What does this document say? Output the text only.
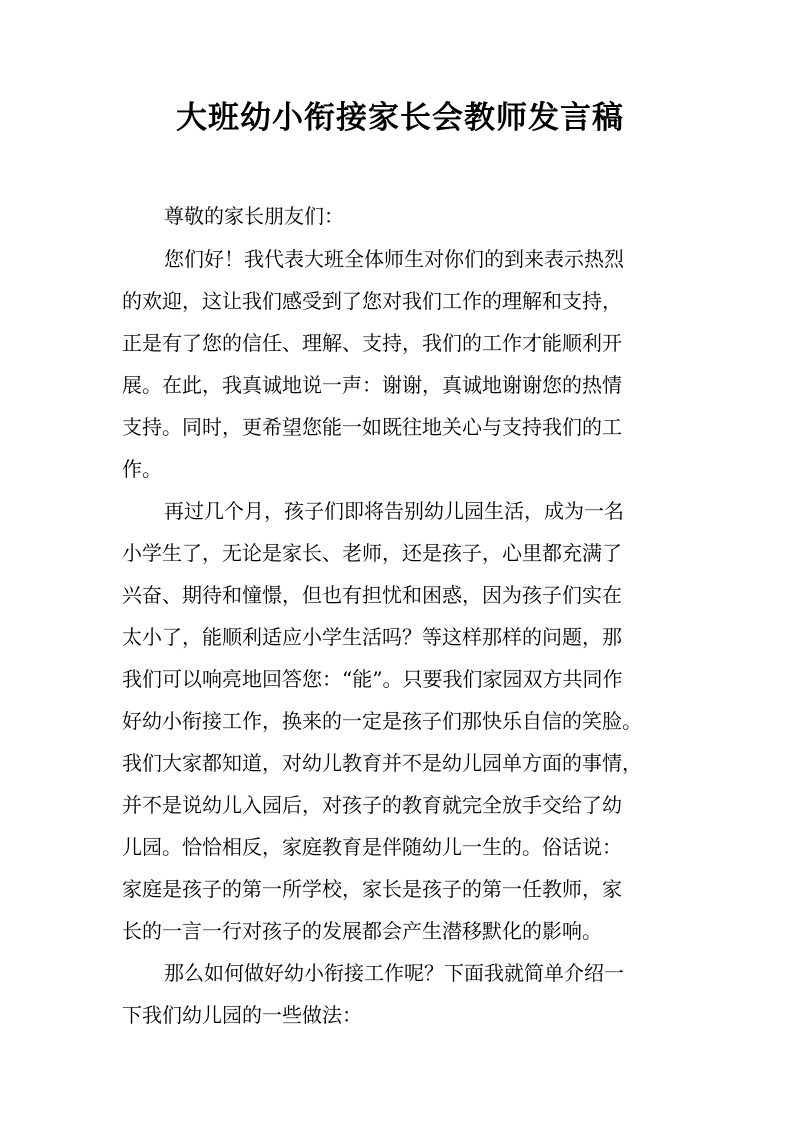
大班幼小衔接家长会教师发言稿

尊敬的家长朋友们：

您们好！我代表大班全体师生对你们的到来表示热烈

的欢迎，这让我们感受到了您对我们工作的理解和支持，

正是有了您的信任、理解、支持，我们的工作才能顺利开

展。在此，我真诚地说一声：谢谢，真诚地谢谢您的热情

支持。同时，更希望您能一如既往地关心与支持我们的工

作。

再过几个月，孩子们即将告别幼儿园生活，成为一名

小学生了，无论是家长、老师，还是孩子，心里都充满了

兴奋、期待和憧憬，但也有担忧和困惑，因为孩子们实在

太小了，能顺利适应小学生活吗？等这样那样的问题，那

我们可以响亮地回答您：“能”。只要我们家园双方共同作

好幼小衔接工作，换来的一定是孩子们那快乐自信的笑脸。

我们大家都知道，对幼儿教育并不是幼儿园单方面的事情，

并不是说幼儿入园后，对孩子的教育就完全放手交给了幼

儿园。恰恰相反，家庭教育是伴随幼儿一生的。俗话说：

家庭是孩子的第一所学校，家长是孩子的第一任教师，家

长的一言一行对孩子的发展都会产生潜移默化的影响。

那么如何做好幼小衔接工作呢？下面我就简单介绍一

下我们幼儿园的一些做法：
